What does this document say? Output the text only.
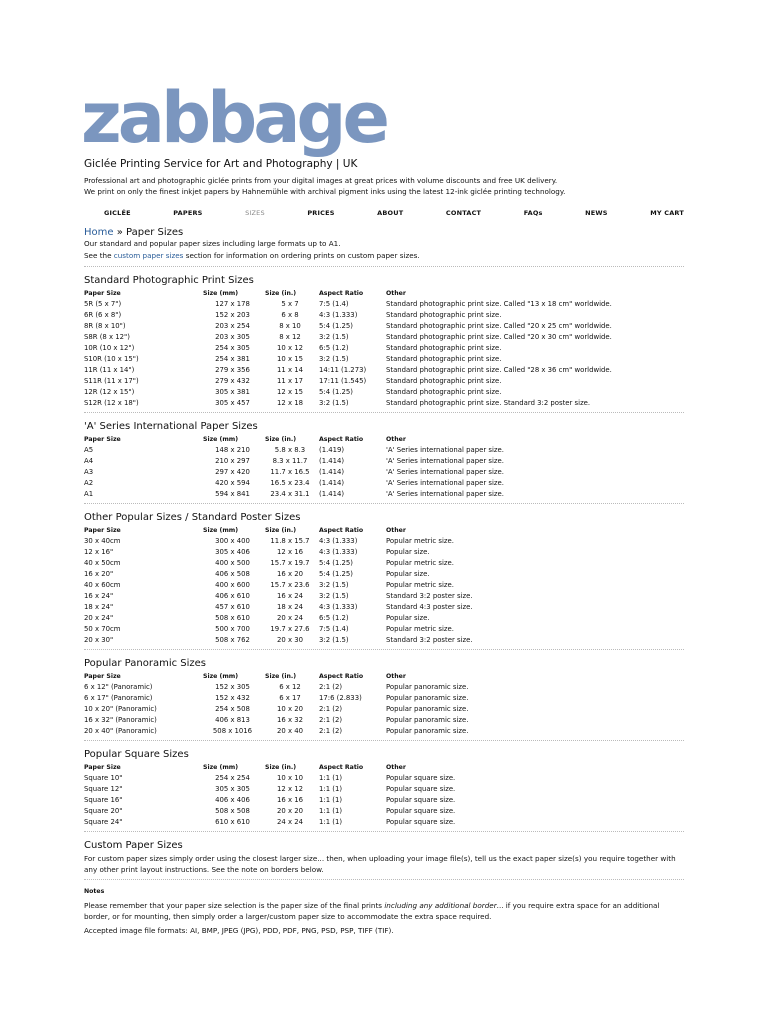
zabbage
Giclée Printing Service for Art and Photography | UK
Professional art and photographic giclée prints from your digital images at great prices with volume discounts and free UK delivery.
We print on only the finest inkjet papers by Hahnemühle with archival pigment inks using the latest 12-ink giclée printing technology.
GICLÉE	PAPERS	SIZES	PRICES	ABOUT	CONTACT	FAQs	NEWS	MY CART
Home » Paper Sizes
Our standard and popular paper sizes including large formats up to A1.
See the custom paper sizes section for information on ordering prints on custom paper sizes.
Standard Photographic Print Sizes
Paper Size	Size (mm)	Size (in.)	Aspect Ratio	Other
5R (5 x 7")	127 x 178	5 x 7	7:5 (1.4)	Standard photographic print size. Called "13 x 18 cm" worldwide.
6R (6 x 8")	152 x 203	6 x 8	4:3 (1.333)	Standard photographic print size.
8R (8 x 10")	203 x 254	8 x 10	5:4 (1.25)	Standard photographic print size. Called "20 x 25 cm" worldwide.
S8R (8 x 12")	203 x 305	8 x 12	3:2 (1.5)	Standard photographic print size. Called "20 x 30 cm" worldwide.
10R (10 x 12")	254 x 305	10 x 12	6:5 (1.2)	Standard photographic print size.
S10R (10 x 15")	254 x 381	10 x 15	3:2 (1.5)	Standard photographic print size.
11R (11 x 14")	279 x 356	11 x 14	14:11 (1.273)	Standard photographic print size. Called "28 x 36 cm" worldwide.
S11R (11 x 17")	279 x 432	11 x 17	17:11 (1.545)	Standard photographic print size.
12R (12 x 15")	305 x 381	12 x 15	5:4 (1.25)	Standard photographic print size.
S12R (12 x 18")	305 x 457	12 x 18	3:2 (1.5)	Standard photographic print size. Standard 3:2 poster size.
'A' Series International Paper Sizes
Paper Size	Size (mm)	Size (in.)	Aspect Ratio	Other
A5	148 x 210	5.8 x 8.3	(1.419)	'A' Series international paper size.
A4	210 x 297	8.3 x 11.7	(1.414)	'A' Series international paper size.
A3	297 x 420	11.7 x 16.5	(1.414)	'A' Series international paper size.
A2	420 x 594	16.5 x 23.4	(1.414)	'A' Series international paper size.
A1	594 x 841	23.4 x 31.1	(1.414)	'A' Series international paper size.
Other Popular Sizes / Standard Poster Sizes
Paper Size	Size (mm)	Size (in.)	Aspect Ratio	Other
30 x 40cm	300 x 400	11.8 x 15.7	4:3 (1.333)	Popular metric size.
12 x 16"	305 x 406	12 x 16	4:3 (1.333)	Popular size.
40 x 50cm	400 x 500	15.7 x 19.7	5:4 (1.25)	Popular metric size.
16 x 20"	406 x 508	16 x 20	5:4 (1.25)	Popular size.
40 x 60cm	400 x 600	15.7 x 23.6	3:2 (1.5)	Popular metric size.
16 x 24"	406 x 610	16 x 24	3:2 (1.5)	Standard 3:2 poster size.
18 x 24"	457 x 610	18 x 24	4:3 (1.333)	Standard 4:3 poster size.
20 x 24"	508 x 610	20 x 24	6:5 (1.2)	Popular size.
50 x 70cm	500 x 700	19.7 x 27.6	7:5 (1.4)	Popular metric size.
20 x 30"	508 x 762	20 x 30	3:2 (1.5)	Standard 3:2 poster size.
Popular Panoramic Sizes
Paper Size	Size (mm)	Size (in.)	Aspect Ratio	Other
6 x 12" (Panoramic)	152 x 305	6 x 12	2:1 (2)	Popular panoramic size.
6 x 17" (Panoramic)	152 x 432	6 x 17	17:6 (2.833)	Popular panoramic size.
10 x 20" (Panoramic)	254 x 508	10 x 20	2:1 (2)	Popular panoramic size.
16 x 32" (Panoramic)	406 x 813	16 x 32	2:1 (2)	Popular panoramic size.
20 x 40" (Panoramic)	508 x 1016	20 x 40	2:1 (2)	Popular panoramic size.
Popular Square Sizes
Paper Size	Size (mm)	Size (in.)	Aspect Ratio	Other
Square 10"	254 x 254	10 x 10	1:1 (1)	Popular square size.
Square 12"	305 x 305	12 x 12	1:1 (1)	Popular square size.
Square 16"	406 x 406	16 x 16	1:1 (1)	Popular square size.
Square 20"	508 x 508	20 x 20	1:1 (1)	Popular square size.
Square 24"	610 x 610	24 x 24	1:1 (1)	Popular square size.
Custom Paper Sizes
For custom paper sizes simply order using the closest larger size... then, when uploading your image file(s), tell us the exact paper size(s) you require together with any other print layout instructions. See the note on borders below.
Notes
Please remember that your paper size selection is the paper size of the final prints including any additional border... if you require extra space for an additional border, or for mounting, then simply order a larger/custom paper size to accommodate the extra space required.
Accepted image file formats: AI, BMP, JPEG (JPG), PDD, PDF, PNG, PSD, PSP, TIFF (TIF).
